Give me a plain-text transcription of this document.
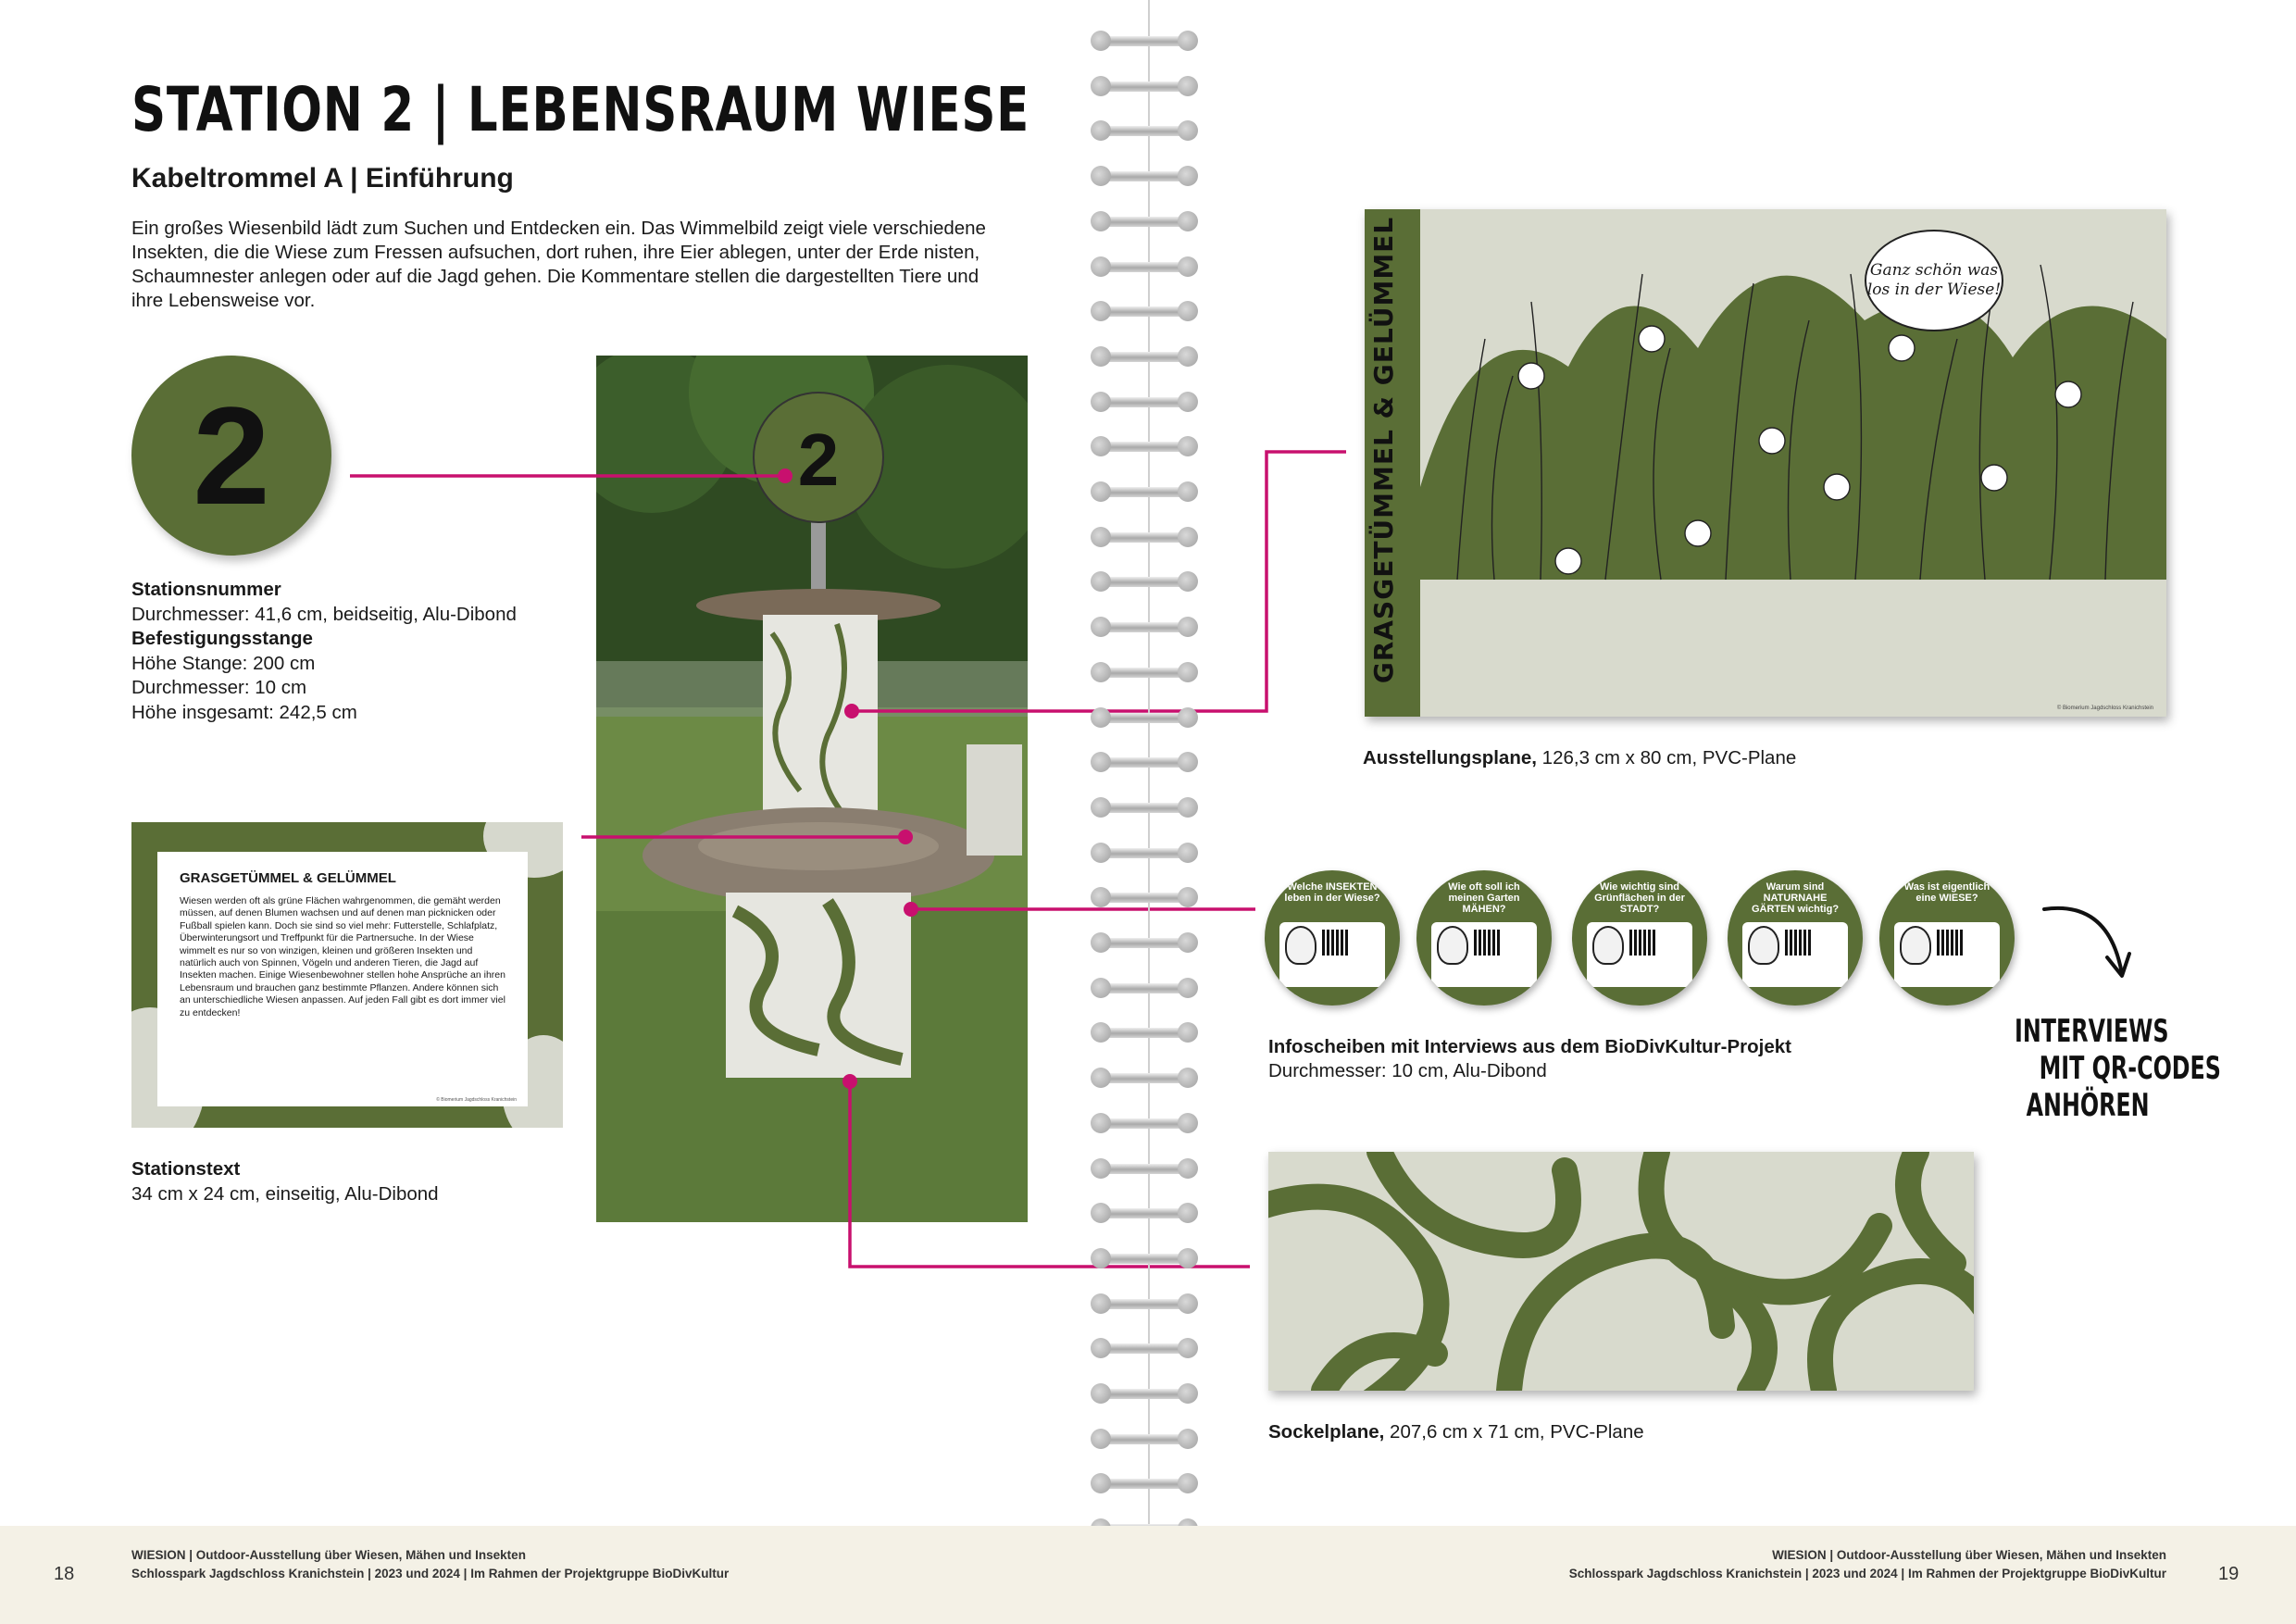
STATION 2 | LEBENSRAUM WIESE
Kabeltrommel A | Einführung
Ein großes Wiesenbild lädt zum Suchen und Entdecken ein. Das Wimmelbild zeigt viele verschiedene Insekten, die die Wiese zum Fressen aufsuchen, dort ruhen, ihre Eier ablegen, unter der Erde nisten, Schaumnester anlegen oder auf die Jagd gehen. Die Kommentare stellen die dargestellten Tiere und ihre Lebensweise vor.
2
Stationsnummer
Durchmesser: 41,6 cm, beidseitig, Alu-Dibond
Befestigungsstange
Höhe Stange: 200 cm
Durchmesser: 10 cm
Höhe insgesamt: 242,5 cm
GRASGETÜMMEL & GELÜMMEL
Wiesen werden oft als grüne Flächen wahrgenommen, die gemäht werden müssen, auf denen Blumen wachsen und auf denen man picknicken oder Fußball spielen kann. Doch sie sind so viel mehr: Futterstelle, Schlafplatz, Überwinterungsort und Treffpunkt für die Partnersuche. In der Wiese wimmelt es nur so von winzigen, kleinen und größeren Insekten und natürlich auch von Spinnen, Vögeln und anderen Tieren, die Jagd auf Insekten machen. Einige Wiesenbewohner stellen hohe Ansprüche an ihren Lebensraum und brauchen ganz bestimmte Pflanzen. Andere können sich an unterschiedliche Wiesen anpassen. Auf jeden Fall gibt es dort immer viel zu entdecken!
© Biomerium Jagdschloss Kranichstein
Stationstext
34 cm x 24 cm, einseitig, Alu-Dibond
2	GRASGETÜMMEL & GELÜMMEL	Ganz schön was los in der Wiese!
© Biomerium Jagdschloss Kranichstein
Ausstellungsplane, 126,3 cm x 80 cm, PVC-Plane
Welche INSEKTEN leben in der Wiese?
Wie oft soll ich meinen Garten MÄHEN?
Wie wichtig sind Grünflächen in der STADT?
Warum sind NATURNAHE GÄRTEN wichtig?
Was ist eigentlich eine WIESE?
Infoscheiben mit Interviews aus dem BioDivKultur-Projekt
Durchmesser: 10 cm, Alu-Dibond
INTERVIEWS
MIT QR-CODES
ANHÖREN
Sockelplane, 207,6 cm x 71 cm, PVC-Plane
18
WIESION | Outdoor-Ausstellung über Wiesen, Mähen und Insekten
Schlosspark Jagdschloss Kranichstein | 2023 und 2024 | Im Rahmen der Projektgruppe BioDivKultur
WIESION | Outdoor-Ausstellung über Wiesen, Mähen und Insekten
Schlosspark Jagdschloss Kranichstein | 2023 und 2024 | Im Rahmen der Projektgruppe BioDivKultur	19
